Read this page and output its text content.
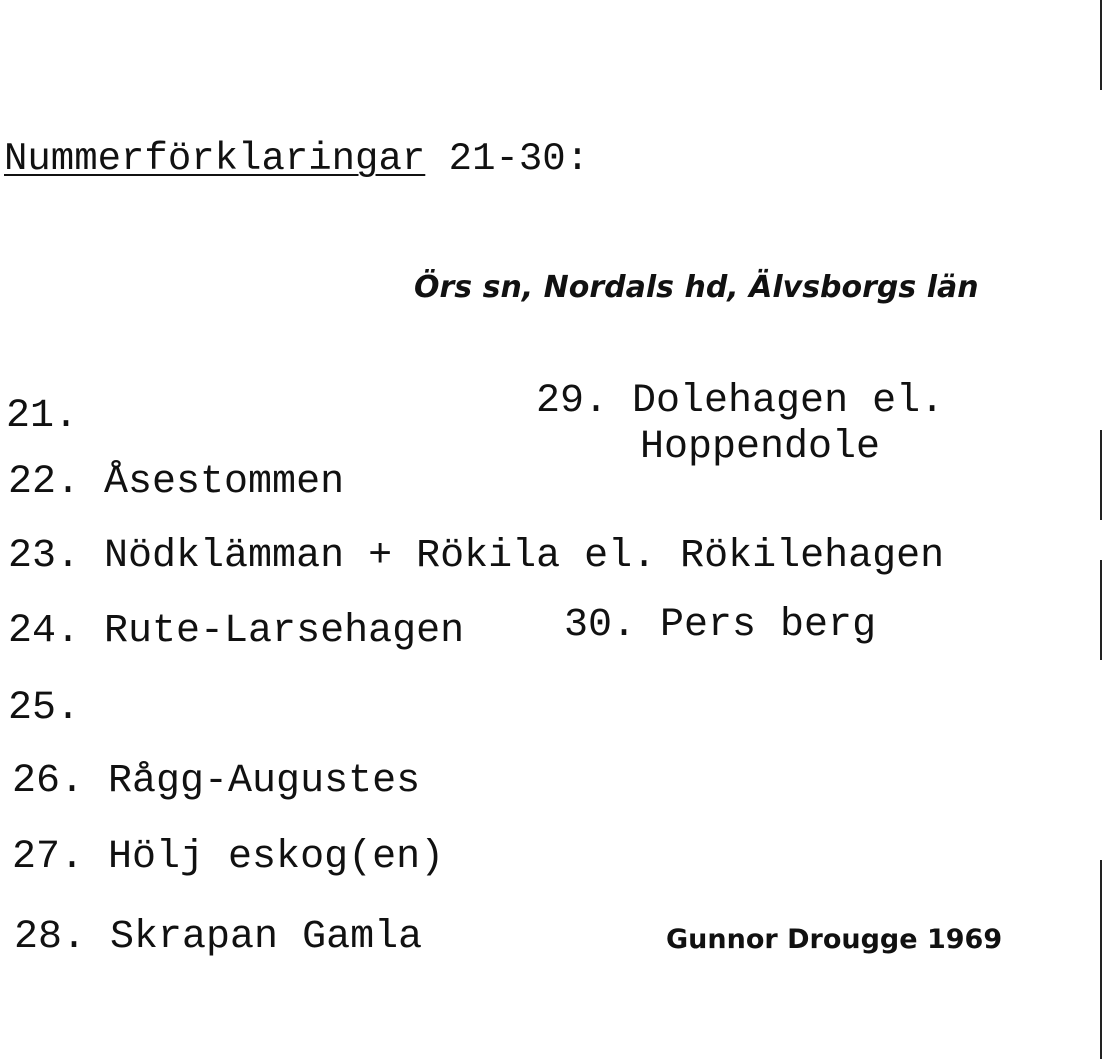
Nummerförklaringar 21-30:
Örs sn, Nordals hd, Älvsborgs län
21.
22. Åsestommen
23. Nödklämman + Rökila el. Rökilehagen
24. Rute-Larsehagen
25.
26. Rågg-Augustes
27. Hölj eskog(en)
28. Skrapan Gamla
29. Dolehagen el.
Hoppendole
30. Pers berg
Gunnor Drougge 1969
